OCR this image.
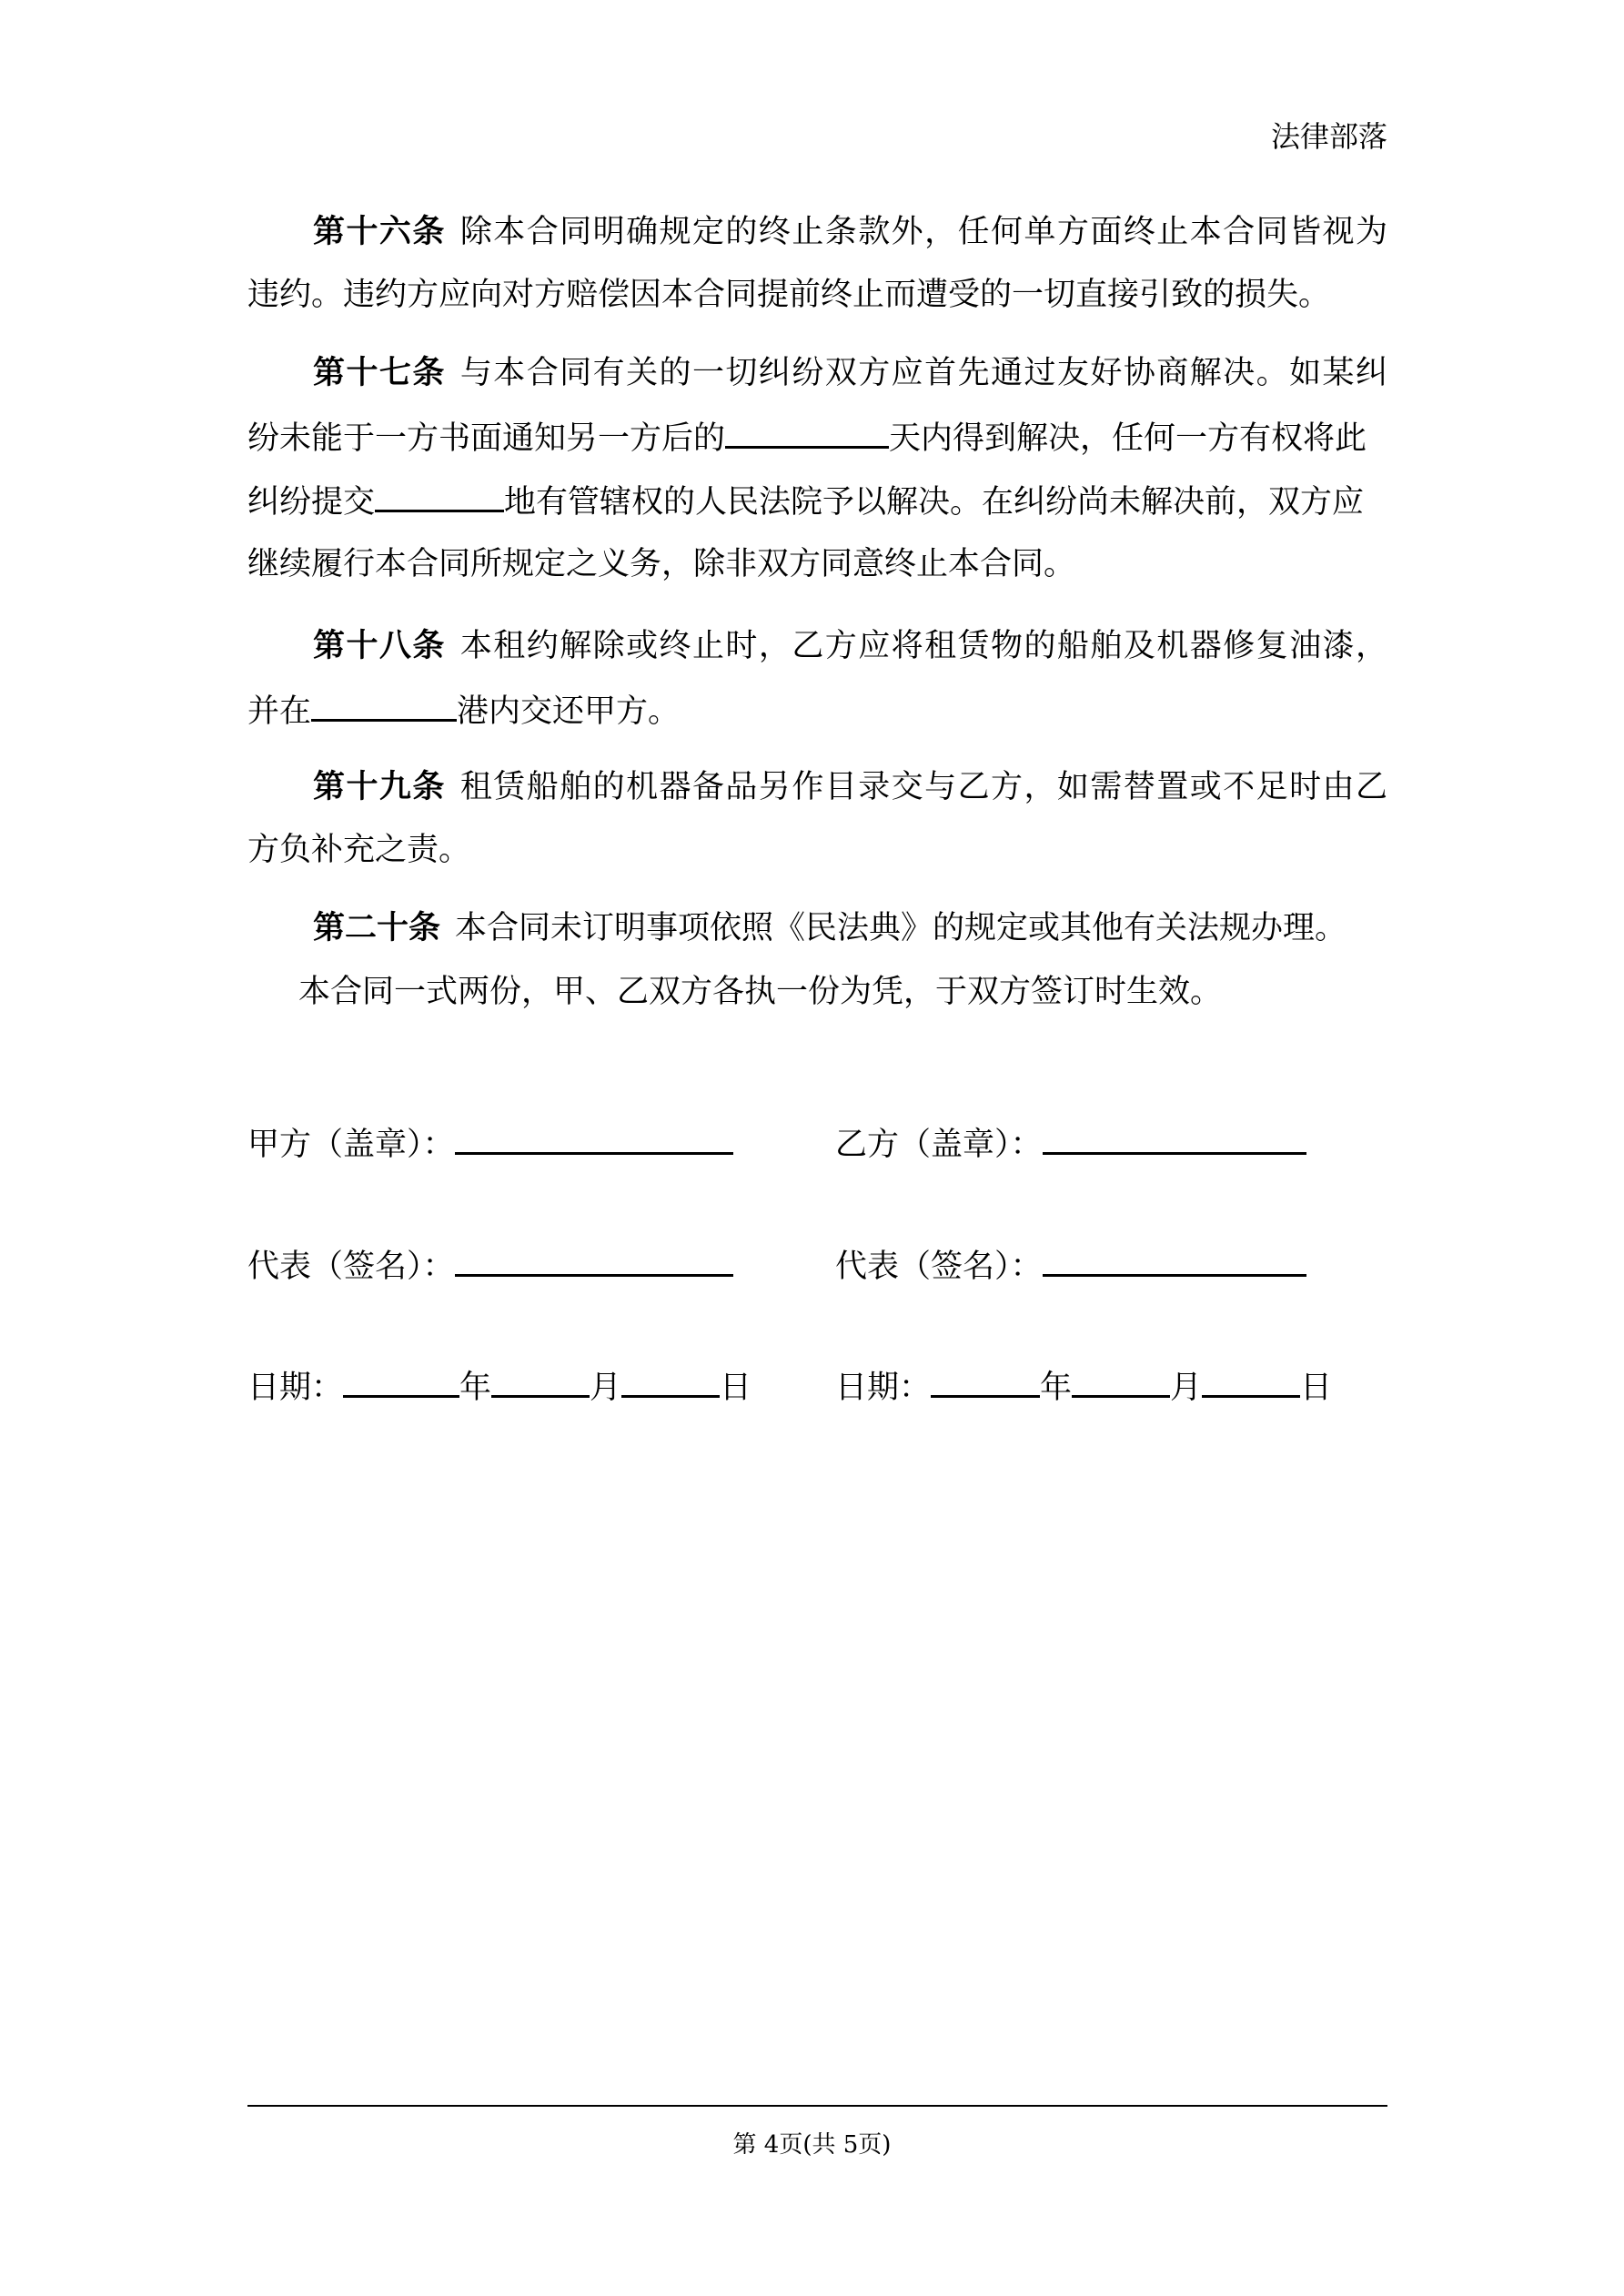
法律部落
第十六条 除本合同明确规定的终止条款外，任何单方面终止本合同皆视为
违约。违约方应向对方赔偿因本合同提前终止而遭受的一切直接引致的损失。
第十七条 与本合同有关的一切纠纷双方应首先通过友好协商解决。如某纠
纷未能于一方书面通知另一方后的	天内得到解决，任何一方有权将此
纠纷提交	地有管辖权的人民法院予以解决。在纠纷尚未解决前，双方应
继续履行本合同所规定之义务，除非双方同意终止本合同。
第十八条 本租约解除或终止时，乙方应将租赁物的船舶及机器修复油漆，
并在	港内交还甲方。
第十九条 租赁船舶的机器备品另作目录交与乙方，如需替置或不足时由乙
方负补充之责。
第二十条 本合同未订明事项依照《民法典》的规定或其他有关法规办理。
本合同一式两份，甲、乙双方各执一份为凭，于双方签订时生效。
甲方（盖章）：	乙方（盖章）：
代表（签名）：	代表（签名）：
日期：	年	月	日	日期：	年	月	日
第 4页(共 5页)
